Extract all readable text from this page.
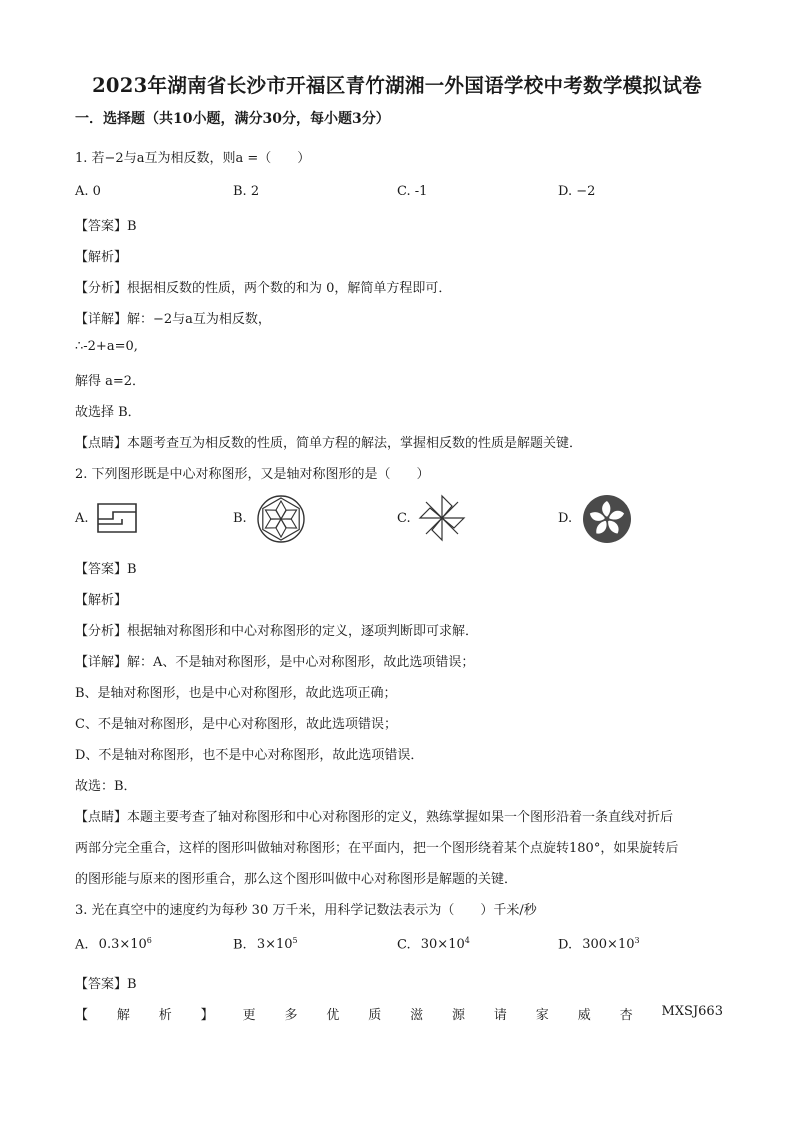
2023年湖南省长沙市开福区青竹湖湘一外国语学校中考数学模拟试卷
一．选择题（共10小题，满分30分，每小题3分）
1. 若−2与a互为相反数，则a =（　　）
A. 0	B. 2	C. -1	D. −2
【答案】B
【解析】
【分析】根据相反数的性质，两个数的和为 0，解简单方程即可．
【详解】解：−2与a互为相反数，
∴-2+a=0,
解得 a=2．
故选择 B．
【点睛】本题考查互为相反数的性质，简单方程的解法，掌握相反数的性质是解题关键．
2. 下列图形既是中心对称图形，又是轴对称图形的是（　　）
A.	B.	C.	D.
【答案】B
【解析】
【分析】根据轴对称图形和中心对称图形的定义，逐项判断即可求解．
【详解】解：A、不是轴对称图形，是中心对称图形，故此选项错误；
B、是轴对称图形，也是中心对称图形，故此选项正确；
C、不是轴对称图形，是中心对称图形，故此选项错误；
D、不是轴对称图形，也不是中心对称图形，故此选项错误．
故选：B．
【点睛】本题主要考查了轴对称图形和中心对称图形的定义，熟练掌握如果一个图形沿着一条直线对折后
两部分完全重合，这样的图形叫做轴对称图形；在平面内，把一个图形绕着某个点旋转180°，如果旋转后
的图形能与原来的图形重合，那么这个图形叫做中心对称图形是解题的关键．
3. 光在真空中的速度约为每秒 30 万千米，用科学记数法表示为（　　）千米/秒
A. $0.3\times 10^6$	B. $3\times 10^5$	C. $30\times 10^4$	D. $300\times 10^3$
【答案】B
【 解 析 】 更 多 优 质 滋 源 请 家 威 杏 MXSJ663
